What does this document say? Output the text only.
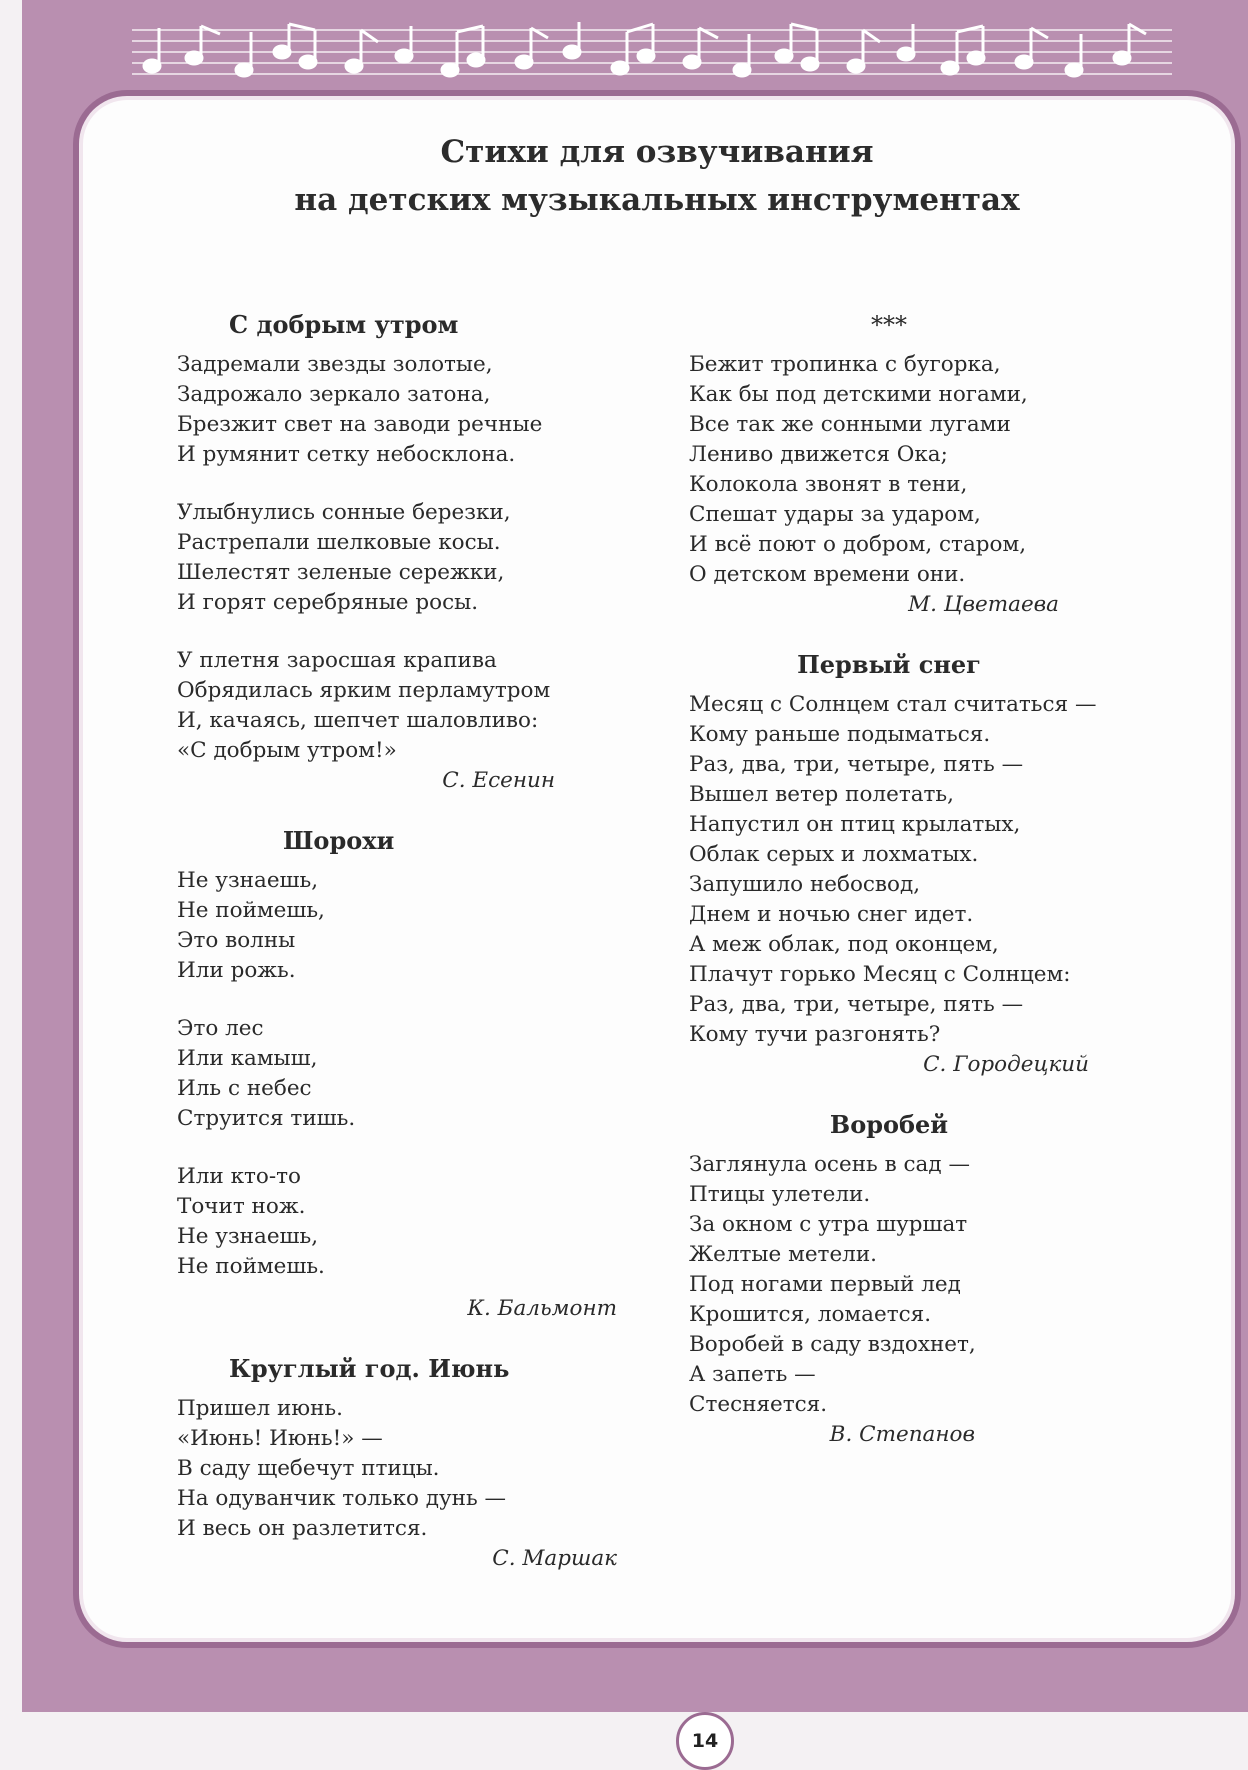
Стихи для озвучивания
на детских музыкальных инструментах
С добрым утром
Задремали звезды золотые,
Задрожало зеркало затона,
Брезжит свет на заводи речные
И румянит сетку небосклона.
Улыбнулись сонные березки,
Растрепали шелковые косы.
Шелестят зеленые сережки,
И горят серебряные росы.
У плетня заросшая крапива
Обрядилась ярким перламутром
И, качаясь, шепчет шаловливо:
«С добрым утром!»
С. Есенин
Шорохи
Не узнаешь,
Не поймешь,
Это волны
Или рожь.
Это лес
Или камыш,
Иль с небес
Струится тишь.
Или кто-то
Точит нож.
Не узнаешь,
Не поймешь.
К. Бальмонт
Круглый год. Июнь
Пришел июнь.
«Июнь! Июнь!» —
В саду щебечут птицы.
На одуванчик только дунь —
И весь он разлетится.
С. Маршак
***
Бежит тропинка с бугорка,
Как бы под детскими ногами,
Все так же сонными лугами
Лениво движется Ока;
Колокола звонят в тени,
Спешат удары за ударом,
И всё поют о добром, старом,
О детском времени они.
М. Цветаева
Первый снег
Месяц с Солнцем стал считаться —
Кому раньше подыматься.
Раз, два, три, четыре, пять —
Вышел ветер полетать,
Напустил он птиц крылатых,
Облак серых и лохматых.
Запушило небосвод,
Днем и ночью снег идет.
А меж облак, под оконцем,
Плачут горько Месяц с Солнцем:
Раз, два, три, четыре, пять —
Кому тучи разгонять?
С. Городецкий
Воробей
Заглянула осень в сад —
Птицы улетели.
За окном с утра шуршат
Желтые метели.
Под ногами первый лед
Крошится, ломается.
Воробей в саду вздохнет,
А запеть —
Стесняется.
В. Степанов
14
